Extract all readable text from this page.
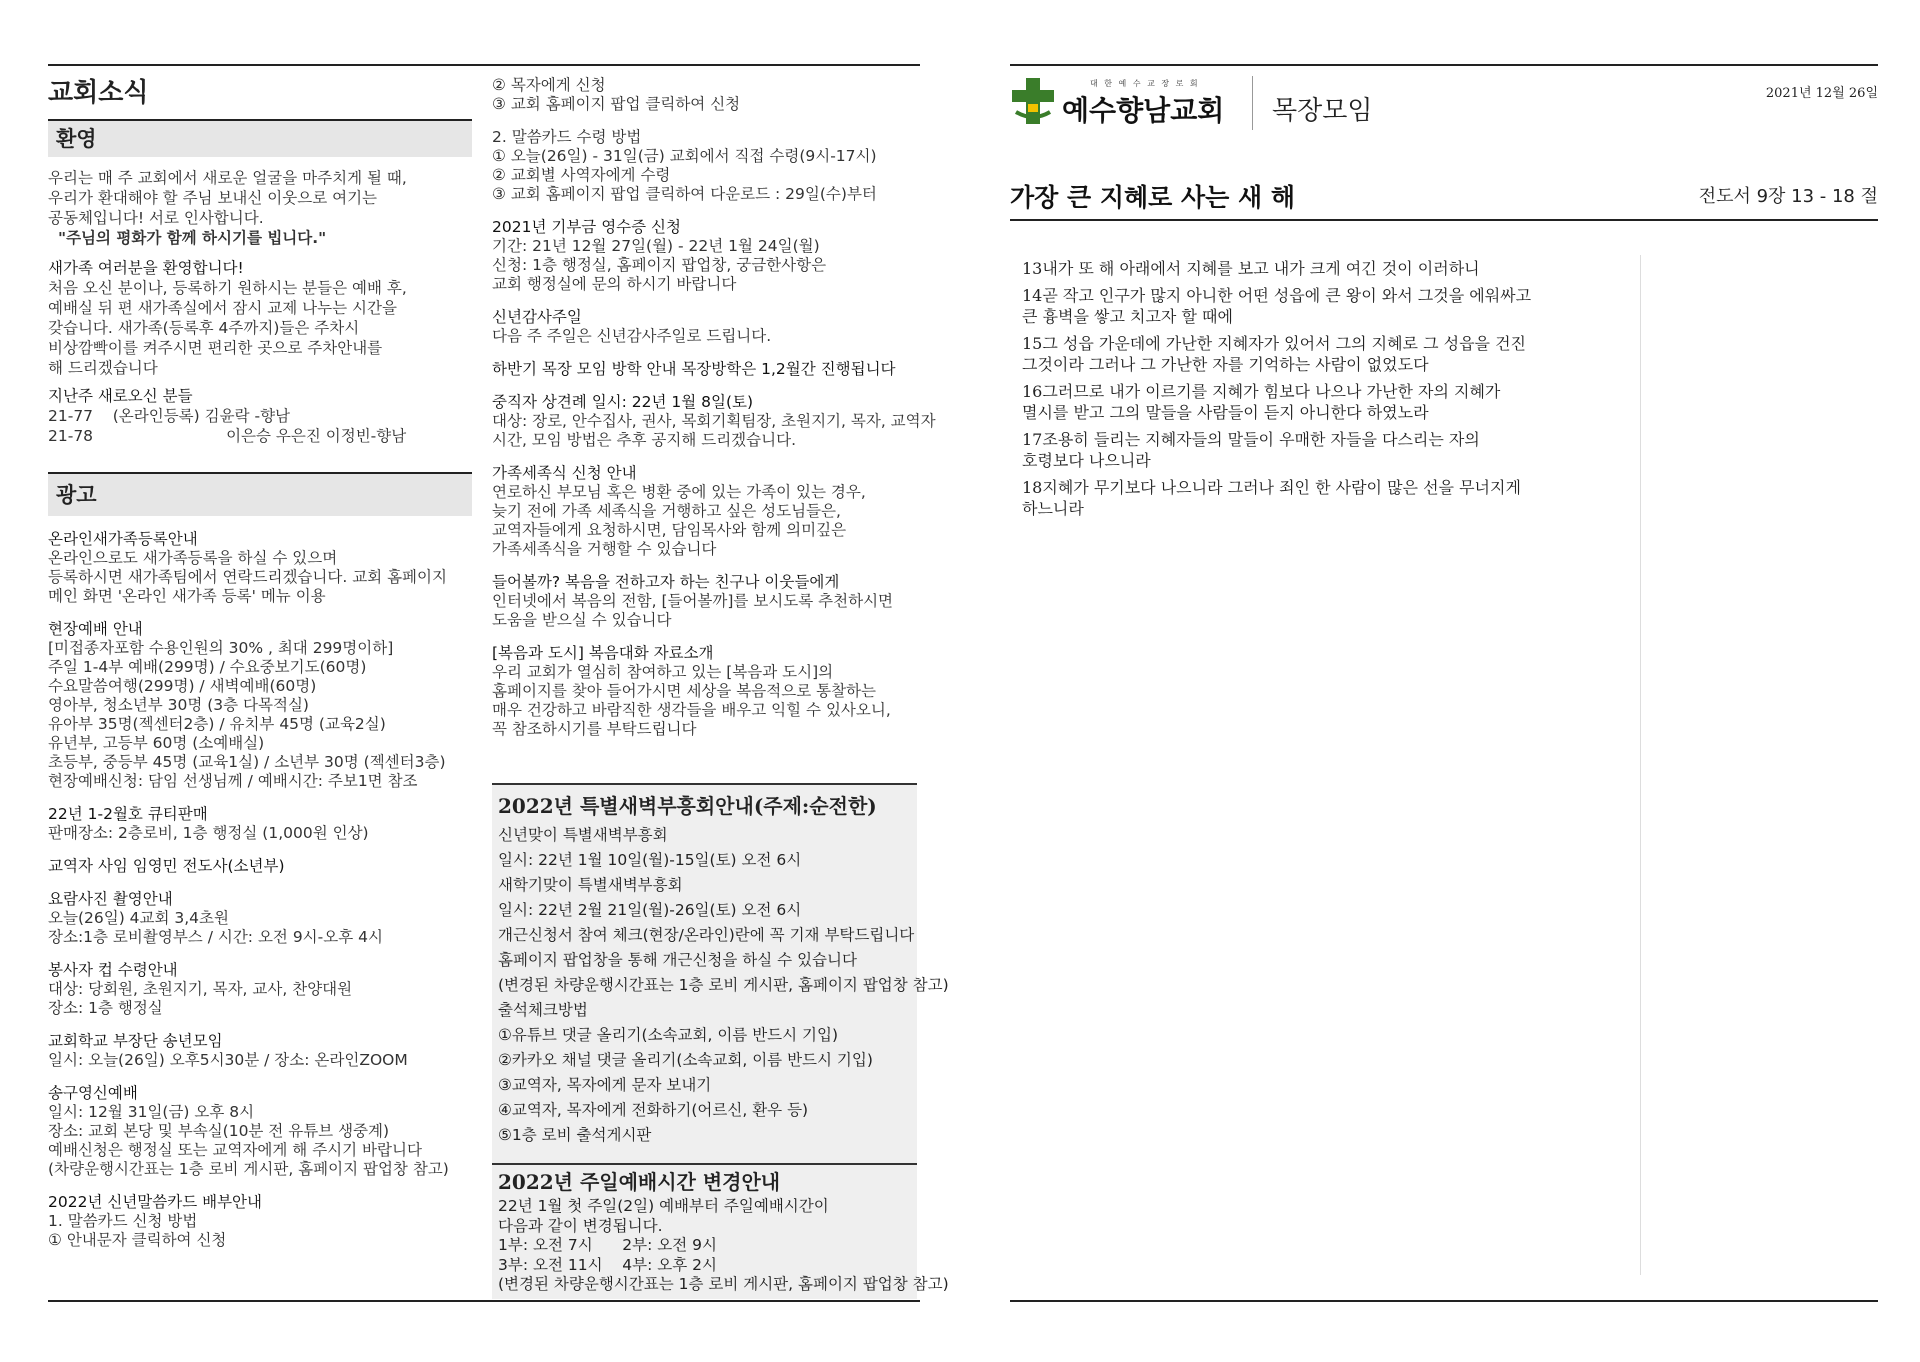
교회소식
환영
우리는 매 주 교회에서 새로운 얼굴을 마주치게 될 때,
우리가 환대해야 할 주님 보내신 이웃으로 여기는
공동체입니다! 서로 인사합니다.
"주님의 평화가 함께 하시기를 빕니다."
새가족 여러분을 환영합니다!
처음 오신 분이나, 등록하기 원하시는 분들은 예배 후,
예배실 뒤 편 새가족실에서 잠시 교제 나누는 시간을
갖습니다. 새가족(등록후 4주까지)들은 주차시
비상깜빡이를 켜주시면 편리한 곳으로 주차안내를
해 드리겠습니다
지난주 새로오신 분들
21-77    (온라인등록) 김윤락 -향남
21-78                           이은승 우은진 이정빈-향남
광고
온라인새가족등록안내
온라인으로도 새가족등록을 하실 수 있으며
등록하시면 새가족팀에서 연락드리겠습니다. 교회 홈페이지
메인 화면 '온라인 새가족 등록' 메뉴 이용
현장예배 안내
[미접종자포함 수용인원의 30% , 최대 299명이하]
주일 1-4부 예배(299명) / 수요중보기도(60명)
수요말씀여행(299명) / 새벽예배(60명)
영아부, 청소년부 30명 (3층 다목적실)
유아부 35명(젝센터2층) / 유치부 45명 (교육2실)
유년부, 고등부 60명 (소예배실)
초등부, 중등부 45명 (교육1실) / 소년부 30명 (젝센터3층)
현장예배신청: 담임 선생님께 / 예배시간: 주보1면 참조
22년 1-2월호 큐티판매
판매장소: 2층로비, 1층 행정실 (1,000원 인상)
교역자 사임 임영민 전도사(소년부)
요람사진 촬영안내
오늘(26일) 4교회 3,4초원
장소:1층 로비촬영부스 / 시간: 오전 9시-오후 4시
봉사자 컵 수령안내
대상: 당회원, 초원지기, 목자, 교사, 찬양대원
장소: 1층 행정실
교회학교 부장단 송년모임
일시: 오늘(26일) 오후5시30분 / 장소: 온라인ZOOM
송구영신예배
일시: 12월 31일(금) 오후 8시
장소: 교회 본당 및 부속실(10분 전 유튜브 생중계)
예배신청은 행정실 또는 교역자에게 해 주시기 바랍니다
(차량운행시간표는 1층 로비 게시판, 홈페이지 팝업창 참고)
2022년 신년말씀카드 배부안내
1. 말씀카드 신청 방법
① 안내문자 클릭하여 신청
② 목자에게 신청
③ 교회 홈페이지 팝업 클릭하여 신청
2. 말씀카드 수령 방법
① 오늘(26일) - 31일(금) 교회에서 직접 수령(9시-17시)
② 교회별 사역자에게 수령
③ 교회 홈페이지 팝업 클릭하여 다운로드 : 29일(수)부터
2021년 기부금 영수증 신청
기간: 21년 12월 27일(월) - 22년 1월 24일(월)
신청: 1층 행정실, 홈페이지 팝업창, 궁금한사항은
교회 행정실에 문의 하시기 바랍니다
신년감사주일
다음 주 주일은 신년감사주일로 드립니다.
하반기 목장 모임 방학 안내 목장방학은 1,2월간 진행됩니다
중직자 상견례 일시: 22년 1월 8일(토)
대상: 장로, 안수집사, 권사, 목회기획팀장, 초원지기, 목자, 교역자
시간, 모임 방법은 추후 공지해 드리겠습니다.
가족세족식 신청 안내
연로하신 부모님 혹은 병환 중에 있는 가족이 있는 경우,
늦기 전에 가족 세족식을 거행하고 싶은 성도님들은,
교역자들에게 요청하시면, 담임목사와 함께 의미깊은
가족세족식을 거행할 수 있습니다
들어볼까? 복음을 전하고자 하는 친구나 이웃들에게
인터넷에서 복음의 전함, [들어볼까]를 보시도록 추천하시면
도움을 받으실 수 있습니다
[복음과 도시] 복음대화 자료소개
우리 교회가 열심히 참여하고 있는 [복음과 도시]의
홈페이지를 찾아 들어가시면 세상을 복음적으로 통찰하는
매우 건강하고 바람직한 생각들을 배우고 익힐 수 있사오니,
꼭 참조하시기를 부탁드립니다
2022년 특별새벽부흥회안내(주제:순전한)
신년맞이 특별새벽부흥회
일시: 22년 1월 10일(월)-15일(토) 오전 6시
새학기맞이 특별새벽부흥회
일시: 22년 2월 21일(월)-26일(토) 오전 6시
개근신청서 참여 체크(현장/온라인)란에 꼭 기재 부탁드립니다
홈페이지 팝업창을 통해 개근신청을 하실 수 있습니다
(변경된 차량운행시간표는 1층 로비 게시판, 홈페이지 팝업창 참고)
출석체크방법
①유튜브 댓글 올리기(소속교회, 이름 반드시 기입)
②카카오 채널 댓글 올리기(소속교회, 이름 반드시 기입)
③교역자, 목자에게 문자 보내기
④교역자, 목자에게 전화하기(어르신, 환우 등)
⑤1층 로비 출석게시판
2022년 주일예배시간 변경안내
22년 1월 첫 주일(2일) 예배부터 주일예배시간이
다음과 같이 변경됩니다.
1부: 오전 7시      2부: 오전 9시
3부: 오전 11시    4부: 오후 2시
(변경된 차량운행시간표는 1층 로비 게시판, 홈페이지 팝업창 참고)
대 한 예 수 교 장 로 회
예수향남교회 목장모임
2021년 12월 26일
가장 큰 지혜로 사는 새 해	전도서 9장 13 - 18 절
13내가 또 해 아래에서 지혜를 보고 내가 크게 여긴 것이 이러하니
14곧 작고 인구가 많지 아니한 어떤 성읍에 큰 왕이 와서 그것을 에워싸고
큰 흉벽을 쌓고 치고자 할 때에
15그 성읍 가운데에 가난한 지혜자가 있어서 그의 지혜로 그 성읍을 건진
그것이라 그러나 그 가난한 자를 기억하는 사람이 없었도다
16그러므로 내가 이르기를 지혜가 힘보다 나으나 가난한 자의 지혜가
멸시를 받고 그의 말들을 사람들이 듣지 아니한다 하였노라
17조용히 들리는 지혜자들의 말들이 우매한 자들을 다스리는 자의
호령보다 나으니라
18지혜가 무기보다 나으니라 그러나 죄인 한 사람이 많은 선을 무너지게
하느니라
